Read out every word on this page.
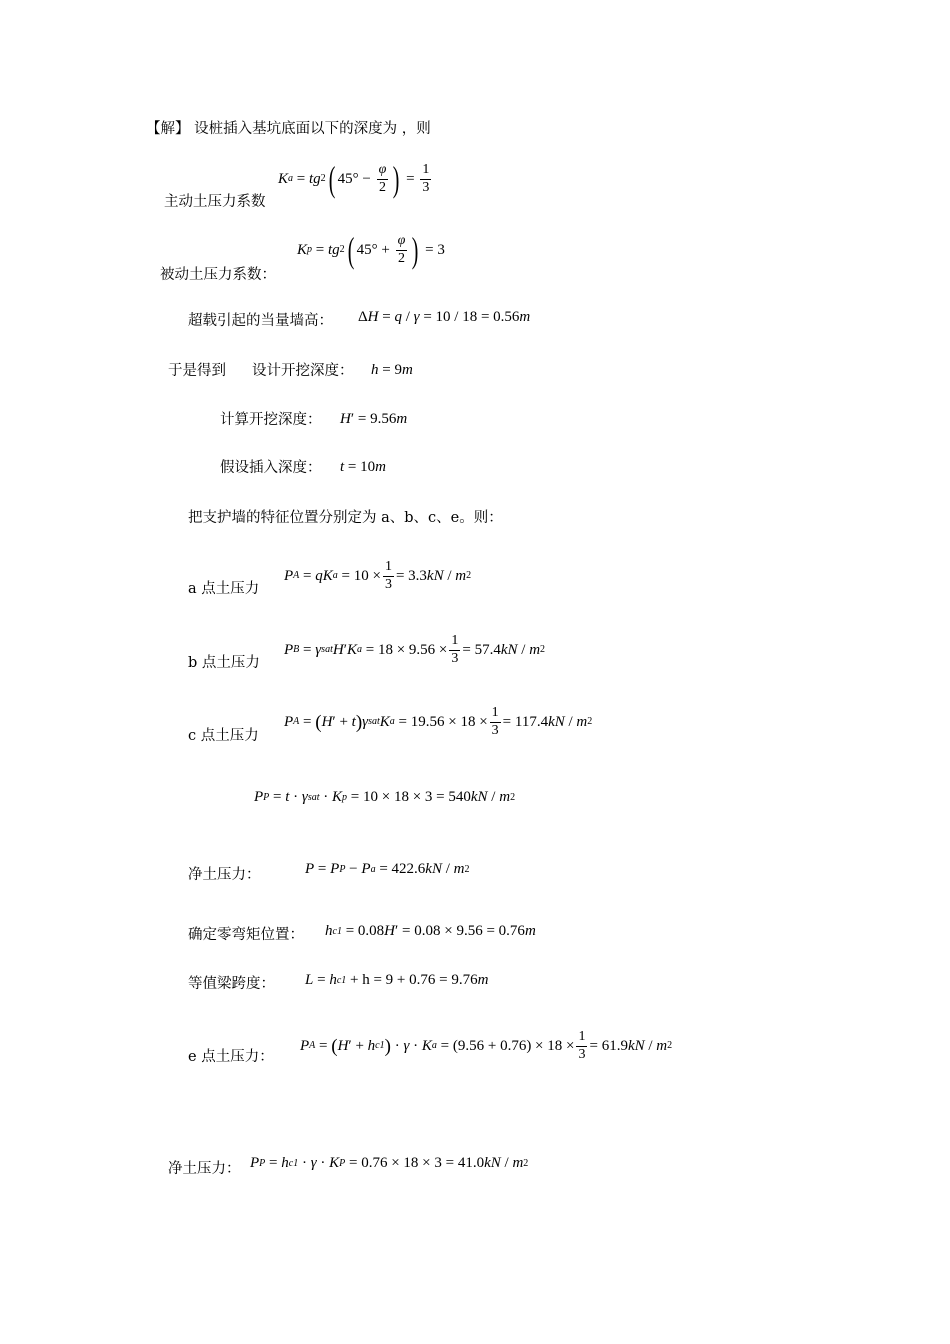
【解】 设桩插入基坑底面以下的深度为 ，则
K a = tg 2 ( $45^\circ - \frac{\varphi}{2}$ ) = $\frac{1}{3}$
主动土压力系数
K p = tg 2 ( $45^\circ + \frac{\varphi}{2}$ ) = 3
被动土压力系数：
超载引起的当量墙高： Δ H = q / γ = 10 / 18 = 0.56 m
于是得到 设计开挖深度： h = 9 m
计算开挖深度： H ′ = 9.56 m
假设插入深度： t = 10 m
把支护墙的特征位置分别定为 a、b、c、e。则：
P A = qK $a = 10 \times \frac{1}{3} = 3.3$ kN / m 2
a 点土压力
P B = γ sat H ′ K a
= $18 \times 9.56 \times \frac{1}{3} = 57.4$ kN / m 2
b 点土压力
P A = ( H ′ + t ) γ sat K a
= $19.56 \times 18 \times \frac{1}{3} = 117.4$ kN / m 2
c 点土压力
P P = t · γ sat · K p
= 10 × 18 × 3 = 540 kN / m 2
净土压力：	P = P P − P a
= 422.6 kN / m 2
确定零弯矩位置： h c1
= 0.08 H ′ = 0.08 × 9.56 = 0.76 m
等值梁跨度： L = h c1
+ h = 9 + 0.76 = 9.76 m
P A = ( H ′ + h c1 ) · γ · K $a = (9.56 + 0.76) \times 18 \times \frac{1}{3} = 61.9$ kN / m 2
e 点土压力：
净土压力： P P = h c1 · γ · K P
= 0.76 × 18 × 3 = 41.0 kN / m 2
